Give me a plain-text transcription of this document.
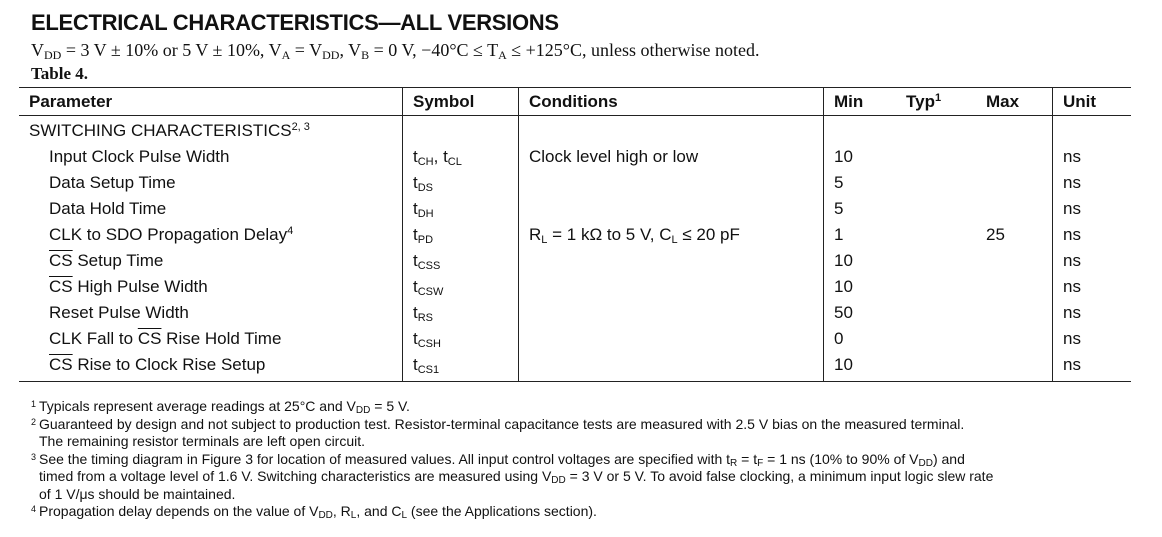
ELECTRICAL CHARACTERISTICS—ALL VERSIONS
$V_{DD} = 3$ V ± 10% or 5 V ± 10%, $V_A = V_{DD}$, $V_B = 0$ V, $-40^\circ C \le T_A \le +125^\circ C$, unless otherwise noted.
Table 4.
Parameter	Symbol	Conditions	Min	Typ$^1$	Max	Unit
SWITCHING CHARACTERISTICS$^{2, 3}$						
Input Clock Pulse Width	$t_{CH}$, $t_{CL}$	Clock level high or low	10			ns
Data Setup Time	$t_{DS}$		5			ns
Data Hold Time	$t_{DH}$		5			ns
CLK to SDO Propagation Delay$^4$	$t_{PD}$	$R_L = 1$ kΩ to 5 V, $C_L \le 20$ pF	1		25	ns
$\overline{CS}$ Setup Time	$t_{CSS}$		10			ns
$\overline{CS}$ High Pulse Width	$t_{CSW}$		10			ns
Reset Pulse Width	$t_{RS}$		50			ns
CLK Fall to $\overline{CS}$ Rise Hold Time	$t_{CSH}$		0			ns
$\overline{CS}$ Rise to Clock Rise Setup	$t_{CS1}$		10			ns
1 Typicals represent average readings at 25°C and $V_{DD} = 5$ V.
2 Guaranteed by design and not subject to production test. Resistor-terminal capacitance tests are measured with 2.5 V bias on the measured terminal.
The remaining resistor terminals are left open circuit.
3 See the timing diagram in Figure 3 for location of measured values. All input control voltages are specified with $t_R = t_F = 1$ ns (10% to 90% of $V_{DD}$) and
timed from a voltage level of 1.6 V. Switching characteristics are measured using $V_{DD} = 3$ V or 5 V. To avoid false clocking, a minimum input logic slew rate
of 1 V/μs should be maintained.
4 Propagation delay depends on the value of $V_{DD}$, $R_L$, and $C_L$ (see the Applications section).
